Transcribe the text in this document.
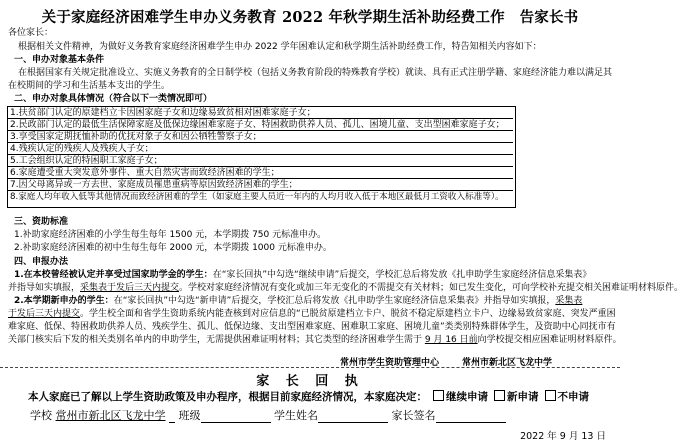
关于家庭经济困难学生申办义务教育 2022 年秋学期生活补助经费工作　告家长书
各位家长：
根据相关文件精神，为做好义务教育家庭经济困难学生申办 2022 学年困难认定和秋学期生活补助经费工作，特告知相关内容如下：
一、申办对象基本条件
在根据国家有关规定批准设立、实施义务教育的全日制学校（包括义务教育阶段的特殊教育学校）就读、具有正式注册学籍、家庭经济能力难以满足其
在校期间的学习和生活基本支出的学生。
二、申办对象具体情况（符合以下一类情况即可）
1.扶贫部门认定的原建档立卡因困家庭子女和边缘易致贫相对困难家庭子女；
2.民政部门认定的最低生活保障家庭及低保边缘困难家庭子女、特困救助供养人员、孤儿、困境儿童、支出型困难家庭子女；
3.享受国家定期抚恤补助的优抚对象子女和因公牺牲警察子女；
4.残疾认定的残疾人及残疾人子女；
5.工会组织认定的特困职工家庭子女；
6.家庭遭受重大突发意外事件、重大自然灾害而致经济困难的学生；
7.因父母离异或一方去世、家庭成员罹患重病等原因致经济困难的学生；
8.家庭人均年收入低等其他情况而致经济困难的学生（如家庭主要人员近一年内的人均月收入低于本地区最低月工资收入标准等）。
三、资助标准
1.补助家庭经济困难的小学生每生每年 1500 元，本学期拨 750 元标准申办。
2.补助家庭经济困难的初中生每生每年 2000 元，本学期拨 1000 元标准申办。
四、申报办法
1.在本校曾经被认定并享受过国家助学金的学生：在“家长回执”中勾选“继续申请”后提交，学校汇总后将发放《扎申助学生家庭经济信息采集表》
并指导如实填报，采集表于发后三天内提交。学校对家庭经济情况有变化或加三年无变化的不需提交有关材料；如已发生变化，可向学校补充提交相关困难证明材料原件。
2.本学期新申办的学生：在“家长回执”中勾选“新申请”后提交，学校汇总后将发放《扎申助学生家庭经济信息采集表》并指导如实填报，采集表
于发后三天内提交。学生校全面和省学生资助系统内能查核到对应信息的“已脱贫原建档立卡户、脱贫不稳定原建档立卡户、边缘易致贫家庭、突发严重困
难家庭、低保、特困救助供养人员、残疾学生、孤儿、低保边缘、支出型困难家庭、困难职工家庭、困境儿童”类类别特殊群体学生，及资助中心同抚市有
关部门核实后下发的相关类别名单内的申助学生，无需提供困难证明材料；其它类型的经济困难学生需于 9 月 16 日前向学校提交相应困难证明材料原件。
常州市学生资助管理中心	常州市新北区飞龙中学
家 长 回 执
本人家庭已了解以上学生资助政策及申办程序，根据目前家庭经济情况，本家庭决定： 继续申请 新申请 不申请
学校 常州市新北区飞龙中学 班级	学生姓名	家长签名
2022 年 9 月 13 日
